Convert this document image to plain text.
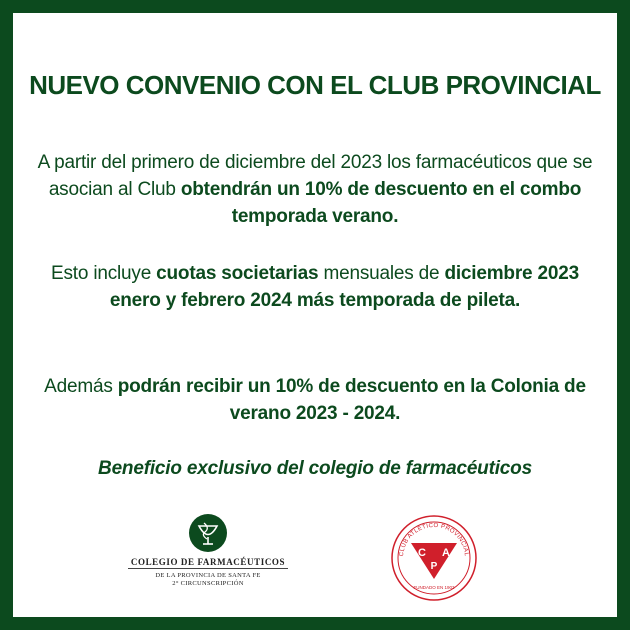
NUEVO CONVENIO CON EL CLUB PROVINCIAL

A partir del primero de diciembre del 2023 los farmacéuticos que se asocian al Club obtendrán un 10% de descuento en el combo temporada verano.

Esto incluye cuotas societarias mensuales de diciembre 2023 enero y febrero 2024 más temporada de pileta.

Además podrán recibir un 10% de descuento en la Colonia de verano 2023 - 2024.

Beneficio exclusivo del colegio de farmacéuticos

COLEGIO DE FARMACÉUTICOS
DE LA PROVINCIA DE SANTA FE
2° CIRCUNSCRIPCIÓN
CLUB ATLÉTICO PROVINCIAL
C A
P
FUNDADO EN 1903
